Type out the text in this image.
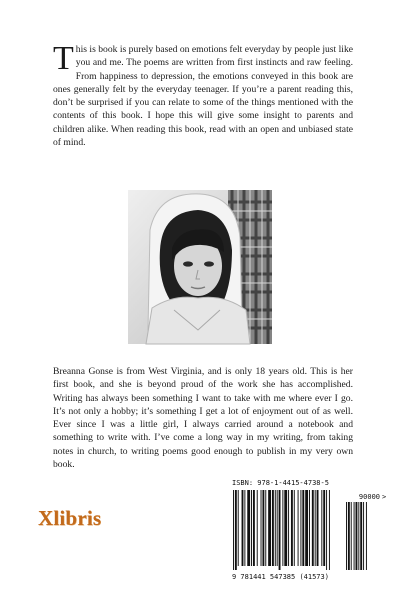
This is book is purely based on emotions felt everyday by people just like you and me. The poems are written from first instincts and raw feeling. From happiness to depression, the emotions conveyed in this book are ones generally felt by the everyday teenager. If you’re a parent reading this, don’t be surprised if you can relate to some of the things mentioned with the contents of this book. I hope this will give some insight to parents and children alike. When reading this book, read with an open and unbiased state of mind.

Breanna Gonse is from West Virginia, and is only 18 years old. This is her first book, and she is beyond proud of the work she has accomplished. Writing has always been something I want to take with me where ever I go. It’s not only a hobby; it’s something I get a lot of enjoyment out of as well. Ever since I was a little girl, I always carried around a notebook and something to write with. I’ve come a long way in my writing, from taking notes in church, to writing poems good enough to publish in my very own book.

Xlibris
ISBN: 978-1-4415-4738-5
90000 >
9 781441 547385 (41573)
